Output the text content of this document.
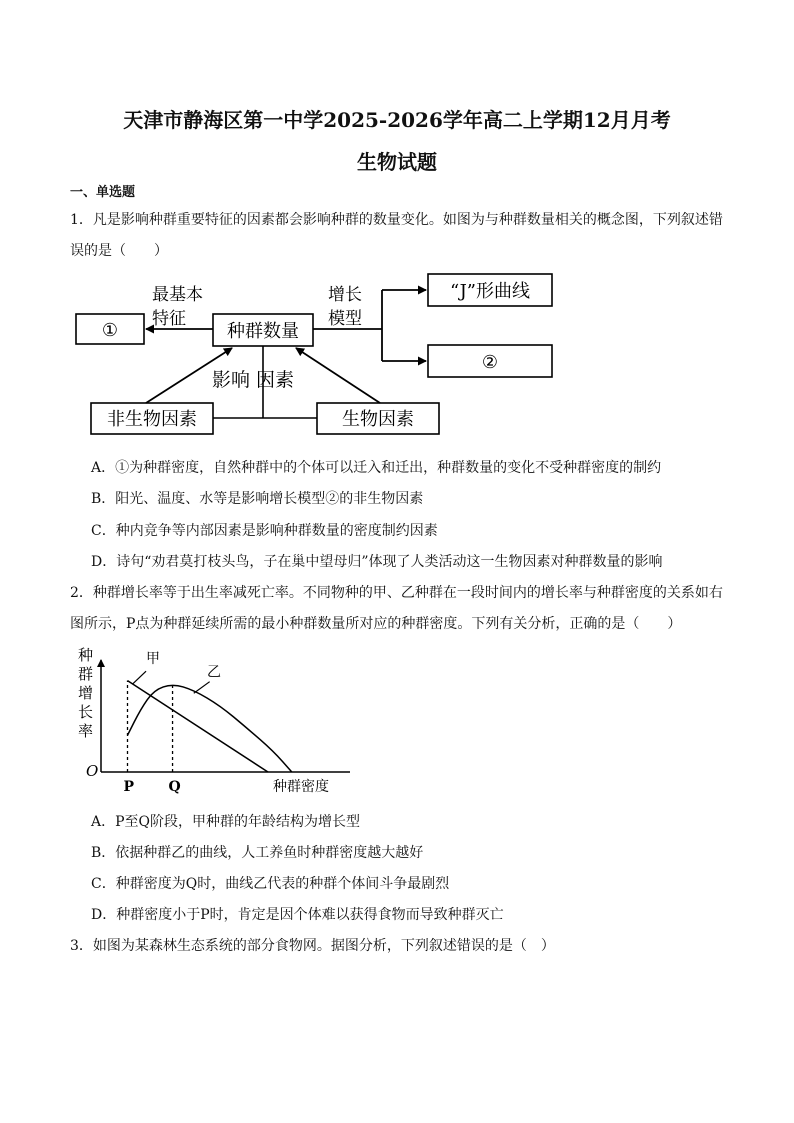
天津市静海区第一中学2025-2026学年高二上学期12月月考
生物试题
一、单选题
1．凡是影响种群重要特征的因素都会影响种群的数量变化。如图为与种群数量相关的概念图，下列叙述错
误的是（　　）
①	种群数量
“J”形曲线
②
非生物因素	生物因素
最基本
特征
增长
模型
影响 因素
A．①为种群密度，自然种群中的个体可以迁入和迁出，种群数量的变化不受种群密度的制约
B．阳光、温度、水等是影响增长模型②的非生物因素
C．种内竞争等内部因素是影响种群数量的密度制约因素
D．诗句“劝君莫打枝头鸟，子在巢中望母归”体现了人类活动这一生物因素对种群数量的影响
2．种群增长率等于出生率减死亡率。不同物种的甲、乙种群在一段时间内的增长率与种群密度的关系如右
图所示，P点为种群延续所需的最小种群数量所对应的种群密度。下列有关分析，正确的是（　　）
种
群
增
长
率
O
种群密度
P Q
甲
乙
A．P至Q阶段，甲种群的年龄结构为增长型
B．依据种群乙的曲线，人工养鱼时种群密度越大越好
C．种群密度为Q时，曲线乙代表的种群个体间斗争最剧烈
D．种群密度小于P时，肯定是因个体难以获得食物而导致种群灭亡
3．如图为某森林生态系统的部分食物网。据图分析，下列叙述错误的是（　）
